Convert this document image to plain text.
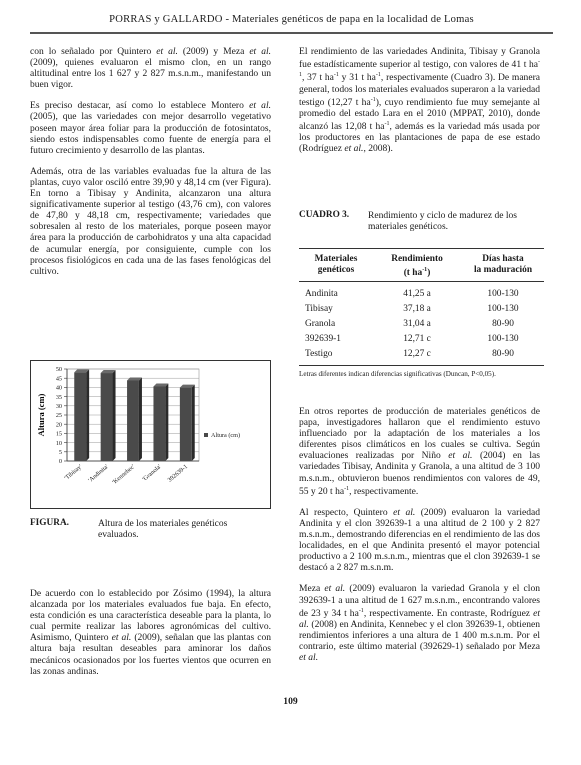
PORRAS y GALLARDO - Materiales genéticos de papa en la localidad de Lomas

con lo señalado por Quintero et al. (2009) y Meza et al. (2009), quienes evaluaron el mismo clon, en un rango altitudinal entre los 1 627 y 2 827 m.s.n.m., manifestando un buen vigor.

Es preciso destacar, así como lo establece Montero et al. (2005), que las variedades con mejor desarrollo vegetativo poseen mayor área foliar para la producción de fotosintatos, siendo estos indispensables como fuente de energía para el futuro crecimiento y desarrollo de las plantas.

Además, otra de las variables evaluadas fue la altura de las plantas, cuyo valor osciló entre 39,90 y 48,14 cm (ver Figura). En torno a Tibisay y Andinita, alcanzaron una altura significativamente superior al testigo (43,76 cm), con valores de 47,80 y 48,18 cm, respectivamente; variedades que sobresalen al resto de los materiales, porque poseen mayor área para la producción de carbohidratos y una alta capacidad de acumular energía, por consiguiente, cumple con los procesos fisiológicos en cada una de las fases fenológicas del cultivo.

0
5
10
15
20
25
30
35
40
45
50
Altura (cm)
'Tibisay' 'Andinita' 'Kennebec' 'Granola' 392639-1
Altura (cm)
FIGURA.	Altura de los materiales genéticos evaluados.

De acuerdo con lo establecido por Zósimo (1994), la altura alcanzada por los materiales evaluados fue baja. En efecto, esta condición es una característica deseable para la planta, lo cual permite realizar las labores agronómicas del cultivo. Asimismo, Quintero et al. (2009), señalan que las plantas con altura baja resultan deseables para aminorar los daños mecánicos ocasionados por los fuertes vientos que ocurren en las zonas andinas.

El rendimiento de las variedades Andinita, Tibisay y Granola fue estadísticamente superior al testigo, con valores de 41 t $ha^{-1}$, 37 t $ha^{-1}$ y 31 t $ha^{-1}$, respectivamente (Cuadro 3). De manera general, todos los materiales evaluados superaron a la variedad testigo (12,27 t $ha^{-1}$), cuyo rendimiento fue muy semejante al promedio del estado Lara en el 2010 (MPPAT, 2010), donde alcanzó las 12,08 t $ha^{-1}$, además es la variedad más usada por los productores en las plantaciones de papa de ese estado (Rodríguez et al., 2008).

CUADRO 3. Rendimiento y ciclo de madurez de los materiales genéticos.
Materiales
genéticos
Rendimiento
(t $ha^{-1}$)
Días hasta
la maduración
Andinita	41,25 a	100-130
Tibisay	37,18 a	100-130
Granola	31,04 a	80-90
392639-1	12,71 c	100-130
Testigo	12,27 c	80-90
Letras diferentes indican diferencias significativas (Duncan, P<0,05).

En otros reportes de producción de materiales genéticos de papa, investigadores hallaron que el rendimiento estuvo influenciado por la adaptación de los materiales a los diferentes pisos climáticos en los cuales se cultiva. Según evaluaciones realizadas por Niño et al. (2004) en las variedades Tibisay, Andinita y Granola, a una altitud de 3 100 m.s.n.m., obtuvieron buenos rendimientos con valores de 49, 55 y 20 t $ha^{-1}$, respectivamente.

Al respecto, Quintero et al. (2009) evaluaron la variedad Andinita y el clon 392639-1 a una altitud de 2 100 y 2 827 m.s.n.m., demostrando diferencias en el rendimiento de las dos localidades, en el que Andinita presentó el mayor potencial productivo a 2 100 m.s.n.m., mientras que el clon 392639-1 se destacó a 2 827 m.s.n.m.

Meza et al. (2009) evaluaron la variedad Granola y el clon 392639-1 a una altitud de 1 627 m.s.n.m., encontrando valores de 23 y 34 t $ha^{-1}$, respectivamente. En contraste, Rodríguez et al. (2008) en Andinita, Kennebec y el clon 392639-1, obtienen rendimientos inferiores a una altura de 1 400 m.s.n.m. Por el contrario, este último material (392629-1) señalado por Meza et al.

109
